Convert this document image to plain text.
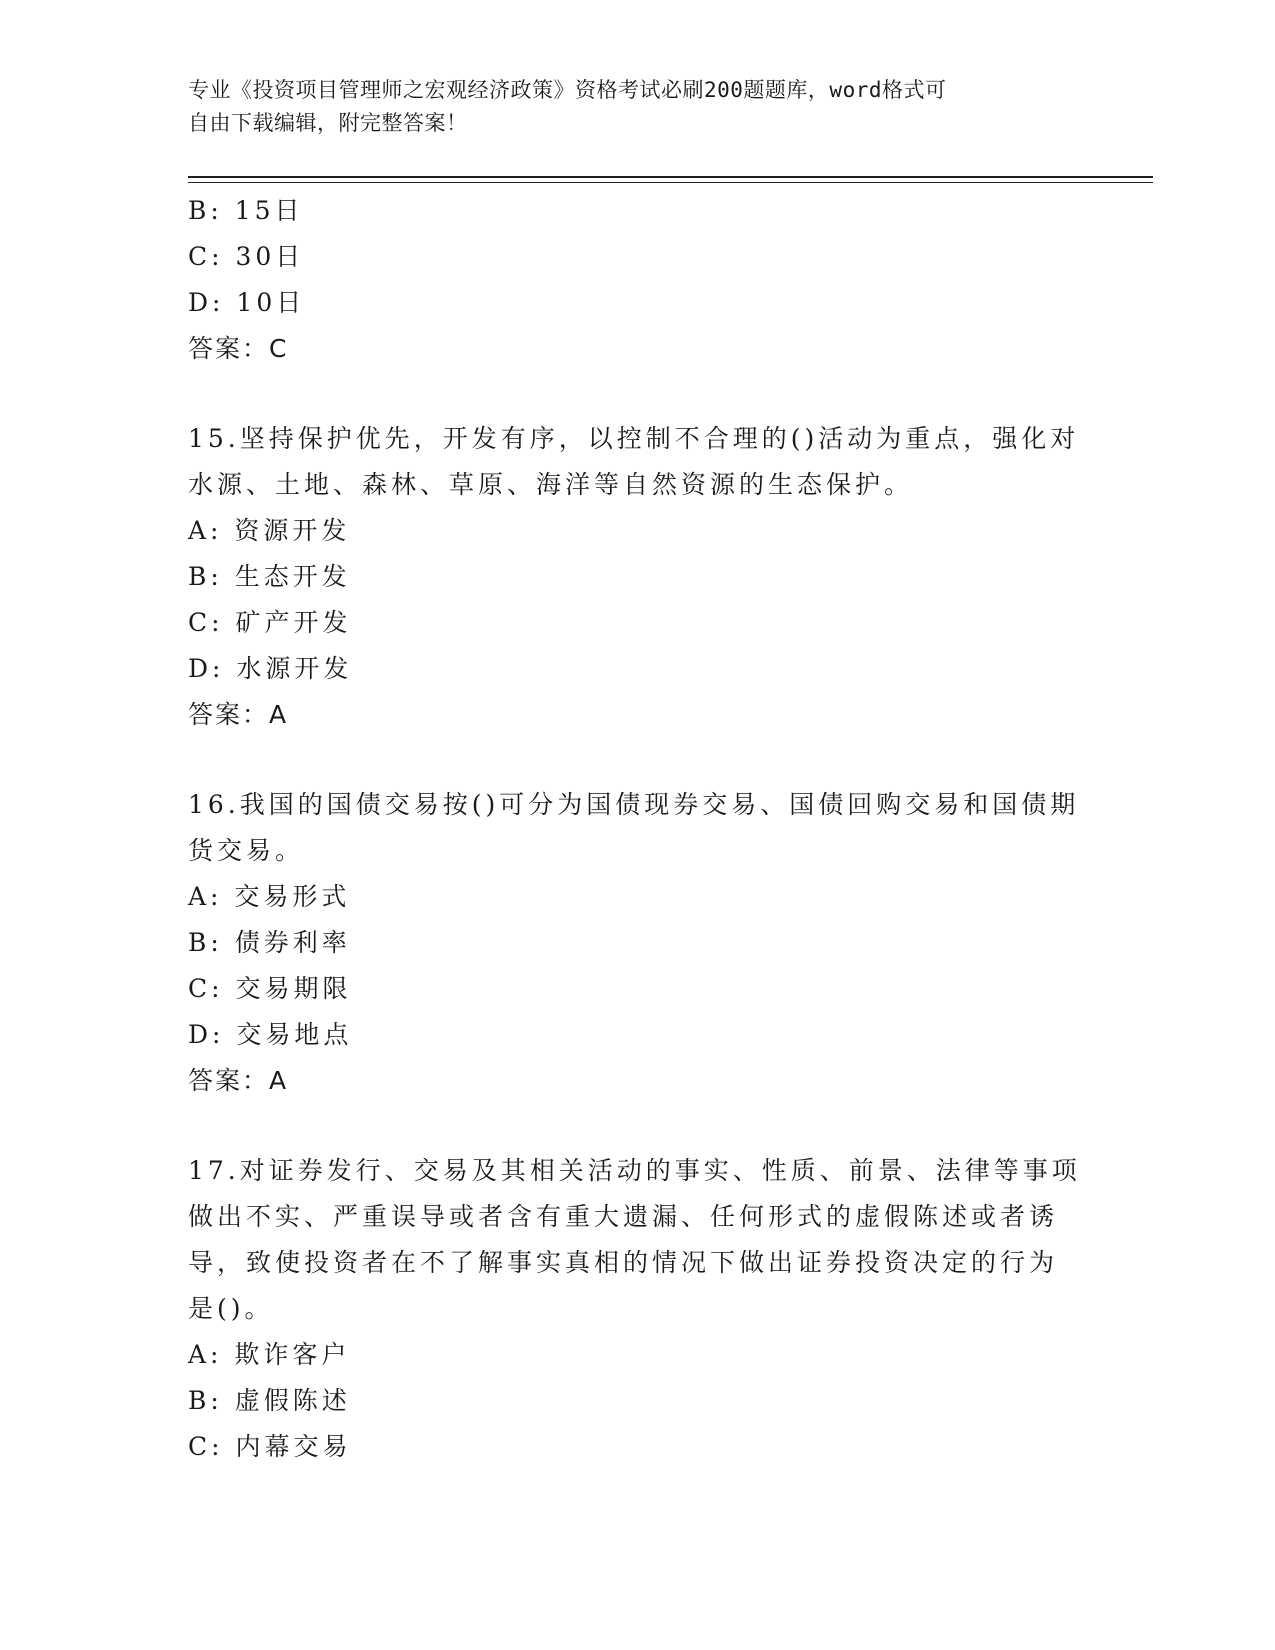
专业《投资项目管理师之宏观经济政策》资格考试必刷200题题库，word格式可
自由下载编辑，附完整答案！
B: 15日
C: 30日
D: 10日
答案：C
15.坚持保护优先，开发有序，以控制不合理的()活动为重点，强化对
水源、土地、森林、草原、海洋等自然资源的生态保护。
A: 资源开发
B: 生态开发
C: 矿产开发
D: 水源开发
答案：A
16.我国的国债交易按()可分为国债现券交易、国债回购交易和国债期
货交易。
A: 交易形式
B: 债券利率
C: 交易期限
D: 交易地点
答案：A
17.对证券发行、交易及其相关活动的事实、性质、前景、法律等事项
做出不实、严重误导或者含有重大遗漏、任何形式的虚假陈述或者诱
导，致使投资者在不了解事实真相的情况下做出证券投资决定的行为
是()。
A: 欺诈客户
B: 虚假陈述
C: 内幕交易
